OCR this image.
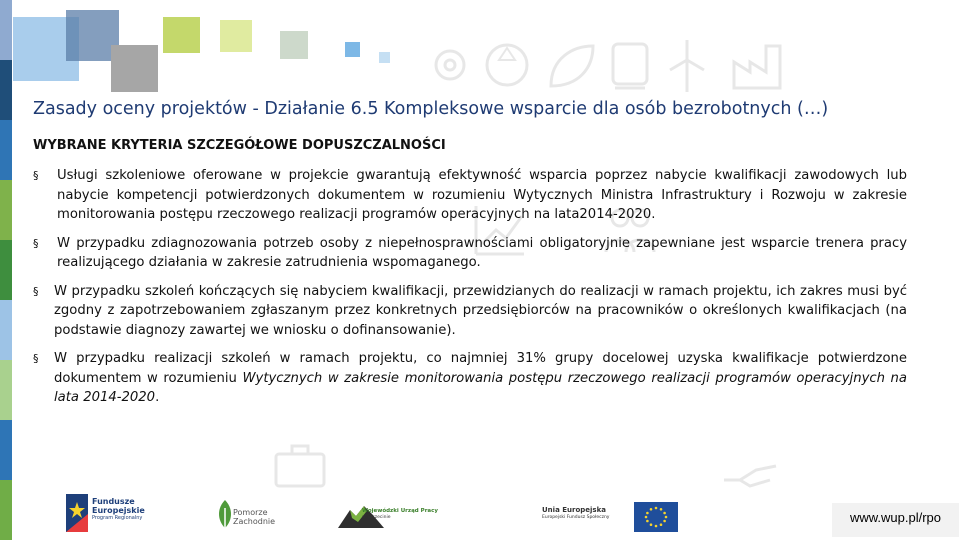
Zasady oceny projektów - Działanie 6.5 Kompleksowe wsparcie dla osób bezrobotnych (…)
WYBRANE KRYTERIA SZCZEGÓŁOWE DOPUSZCZALNOŚCI
§ Usługi szkoleniowe oferowane w projekcie gwarantują efektywność wsparcia poprzez nabycie kwalifikacji zawodowych lub nabycie kompetencji potwierdzonych dokumentem w rozumieniu Wytycznych Ministra Infrastruktury i Rozwoju w zakresie monitorowania postępu rzeczowego realizacji programów operacyjnych na lata2014-2020.
§ W przypadku zdiagnozowania potrzeb osoby z niepełnosprawnościami obligatoryjnie zapewniane jest wsparcie trenera pracy realizującego działania w zakresie zatrudnienia wspomaganego.
§ W przypadku szkoleń kończących się nabyciem kwalifikacji, przewidzianych do realizacji w ramach projektu, ich zakres musi być zgodny z zapotrzebowaniem zgłaszanym przez konkretnych przedsiębiorców na pracowników o określonych kwalifikacjach (na podstawie diagnozy zawartej we wniosku o dofinansowanie).
§ W przypadku realizacji szkoleń w ramach projektu, co najmniej 31% grupy docelowej uzyska kwalifikacje potwierdzone dokumentem w rozumieniu Wytycznych w zakresie monitorowania postępu rzeczowego realizacji programów operacyjnych na lata 2014-2020.
Fundusze
Europejskie
Program Regionalny
Pomorze
Zachodnie
Wojewódzki Urząd Pracy
w Szczecinie
Unia Europejska
Europejski Fundusz Społeczny	www.wup.pl/rpo
